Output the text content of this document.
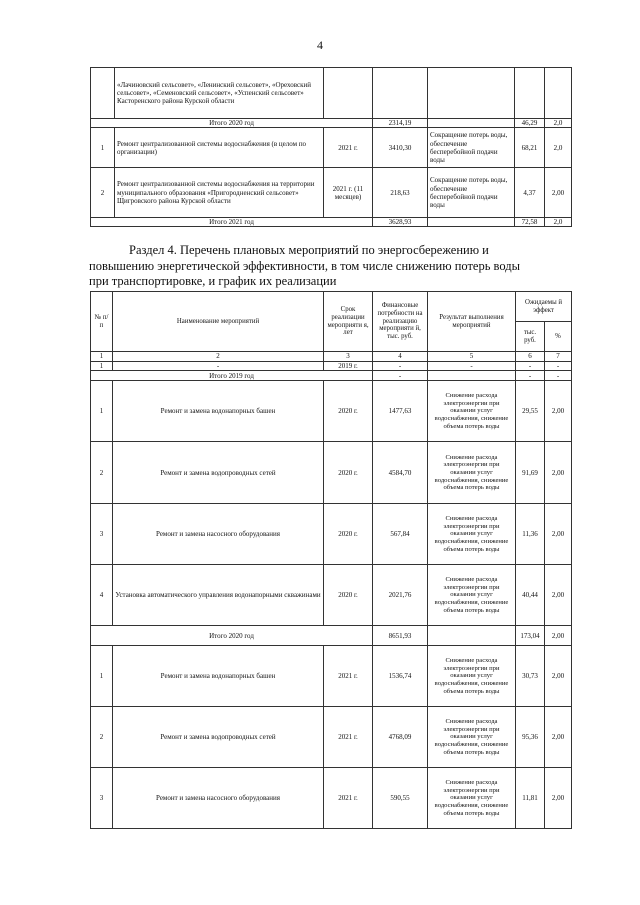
4
	«Лачиновский сельсовет», «Ленинский сельсовет», «Ореховский сельсовет», «Семеновский сельсовет», «Успенский сельсовет» Касторенского района Курской области					
Итого 2020 год			2314,19		46,29	2,0
1	Ремонт централизованной системы водоснабжения (в целом по организации)	2021 г.	3410,30	Сокращение потерь воды, обеспечение бесперебойной подачи воды	68,21	2,0
2	Ремонт централизованной системы водоснабжения на территории муниципального образования «Пригородненский сельсовет» Щигровского района Курской области	2021 г. (11 месяцев)	218,63	Сокращение потерь воды, обеспечение бесперебойной подачи воды	4,37	2,00
Итого 2021 год			3628,93		72,58	2,0
Раздел 4. Перечень плановых мероприятий по энергосбережению и
повышению энергетической эффективности, в том числе снижению потерь воды
при транспортировке, и график их реализации
№ п/ п	Наименование мероприятий	Срок реализации мероприяти я, лет	Финансовые потребности на реализацию мероприяти й, тыс. руб.	Результат выполнения мероприятий	Ожидаемы й эффект	
					тыс. руб.	%
1	2	3	4	5	6	7
1	-	2019 г.	-	-	-	-
Итого 2019 год			-		-	-
1	Ремонт и замена водонапорных башен	2020 г.	1477,63	Снижение расхода электроэнергии при оказании услуг водоснабжения, снижение объема потерь воды	29,55	2,00
2	Ремонт и замена водопроводных сетей	2020 г.	4584,70	Снижение расхода электроэнергии при оказании услуг водоснабжения, снижение объема потерь воды	91,69	2,00
3	Ремонт и замена насосного оборудования	2020 г.	567,84	Снижение расхода электроэнергии при оказании услуг водоснабжения, снижение объема потерь воды	11,36	2,00
4	Установка автоматического управления водонапорными скважинами	2020 г.	2021,76	Снижение расхода электроэнергии при оказании услуг водоснабжения, снижение объема потерь воды	40,44	2,00
Итого 2020 год			8651,93		173,04	2,00
1	Ремонт и замена водонапорных башен	2021 г.	1536,74	Снижение расхода электроэнергии при оказании услуг водоснабжения, снижение объема потерь воды	30,73	2,00
2	Ремонт и замена водопроводных сетей	2021 г.	4768,09	Снижение расхода электроэнергии при оказании услуг водоснабжения, снижение объема потерь воды	95,36	2,00
3	Ремонт и замена насосного оборудования	2021 г.	590,55	Снижение расхода электроэнергии при оказании услуг водоснабжения, снижение объема потерь воды	11,81	2,00
